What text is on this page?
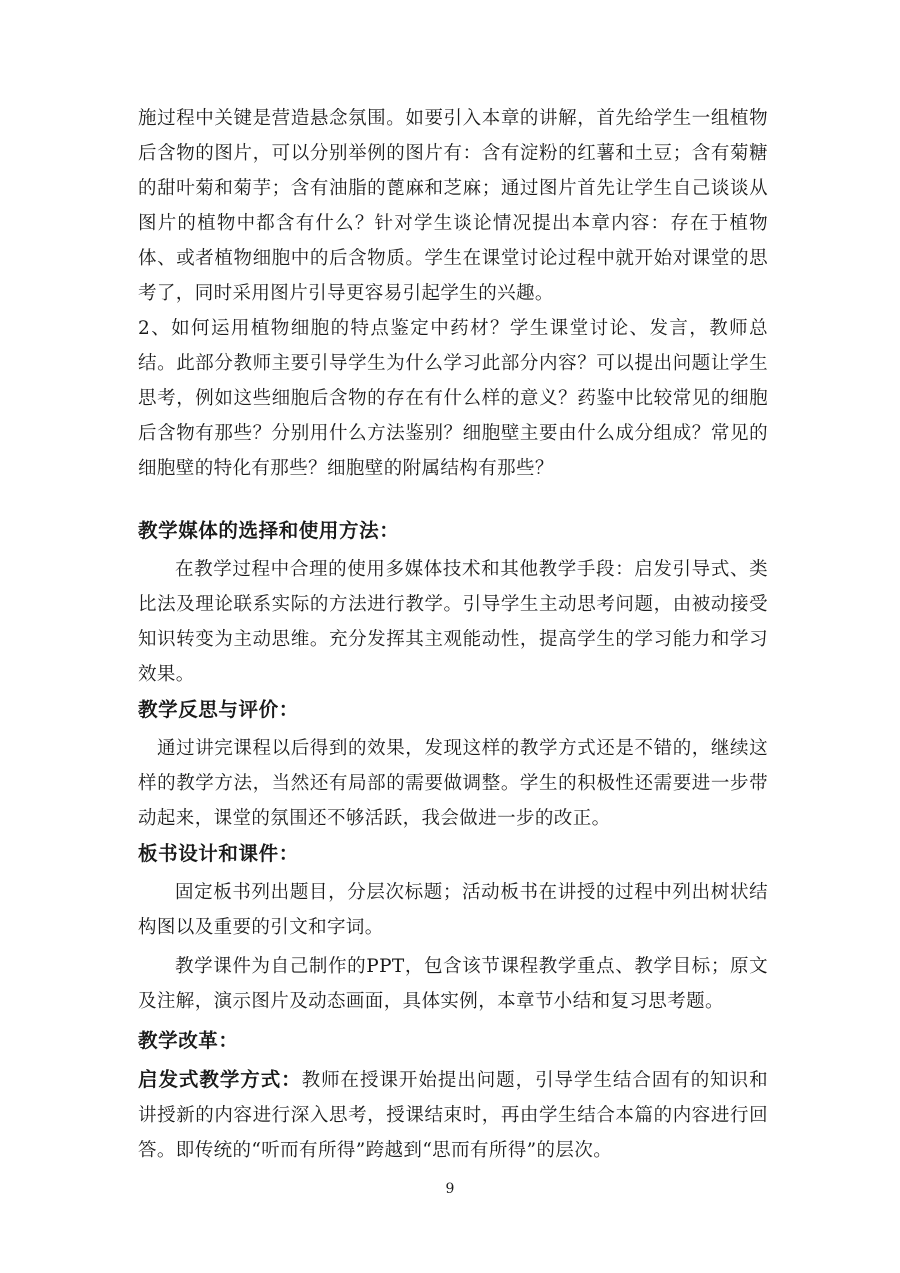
施过程中关键是营造悬念氛围。如要引入本章的讲解，首先给学生一组植物后含物的图片，可以分别举例的图片有：含有淀粉的红薯和土豆；含有菊糖的甜叶菊和菊芋；含有油脂的蓖麻和芝麻；通过图片首先让学生自己谈谈从图片的植物中都含有什么？针对学生谈论情况提出本章内容：存在于植物体、或者植物细胞中的后含物质。学生在课堂讨论过程中就开始对课堂的思考了，同时采用图片引导更容易引起学生的兴趣。

2、如何运用植物细胞的特点鉴定中药材？学生课堂讨论、发言，教师总结。此部分教师主要引导学生为什么学习此部分内容？可以提出问题让学生思考，例如这些细胞后含物的存在有什么样的意义？药鉴中比较常见的细胞后含物有那些？分别用什么方法鉴别？细胞壁主要由什么成分组成？常见的细胞壁的特化有那些？细胞壁的附属结构有那些？

教学媒体的选择和使用方法：

在教学过程中合理的使用多媒体技术和其他教学手段：启发引导式、类比法及理论联系实际的方法进行教学。引导学生主动思考问题，由被动接受知识转变为主动思维。充分发挥其主观能动性，提高学生的学习能力和学习效果。

教学反思与评价：

通过讲完课程以后得到的效果，发现这样的教学方式还是不错的，继续这样的教学方法，当然还有局部的需要做调整。学生的积极性还需要进一步带动起来，课堂的氛围还不够活跃，我会做进一步的改正。

板书设计和课件：

固定板书列出题目，分层次标题；活动板书在讲授的过程中列出树状结构图以及重要的引文和字词。

教学课件为自己制作的PPT，包含该节课程教学重点、教学目标；原文及注解，演示图片及动态画面，具体实例，本章节小结和复习思考题。

教学改革：

启发式教学方式：教师在授课开始提出问题，引导学生结合固有的知识和讲授新的内容进行深入思考，授课结束时，再由学生结合本篇的内容进行回答。即传统的“听而有所得”跨越到“思而有所得”的层次。

9
